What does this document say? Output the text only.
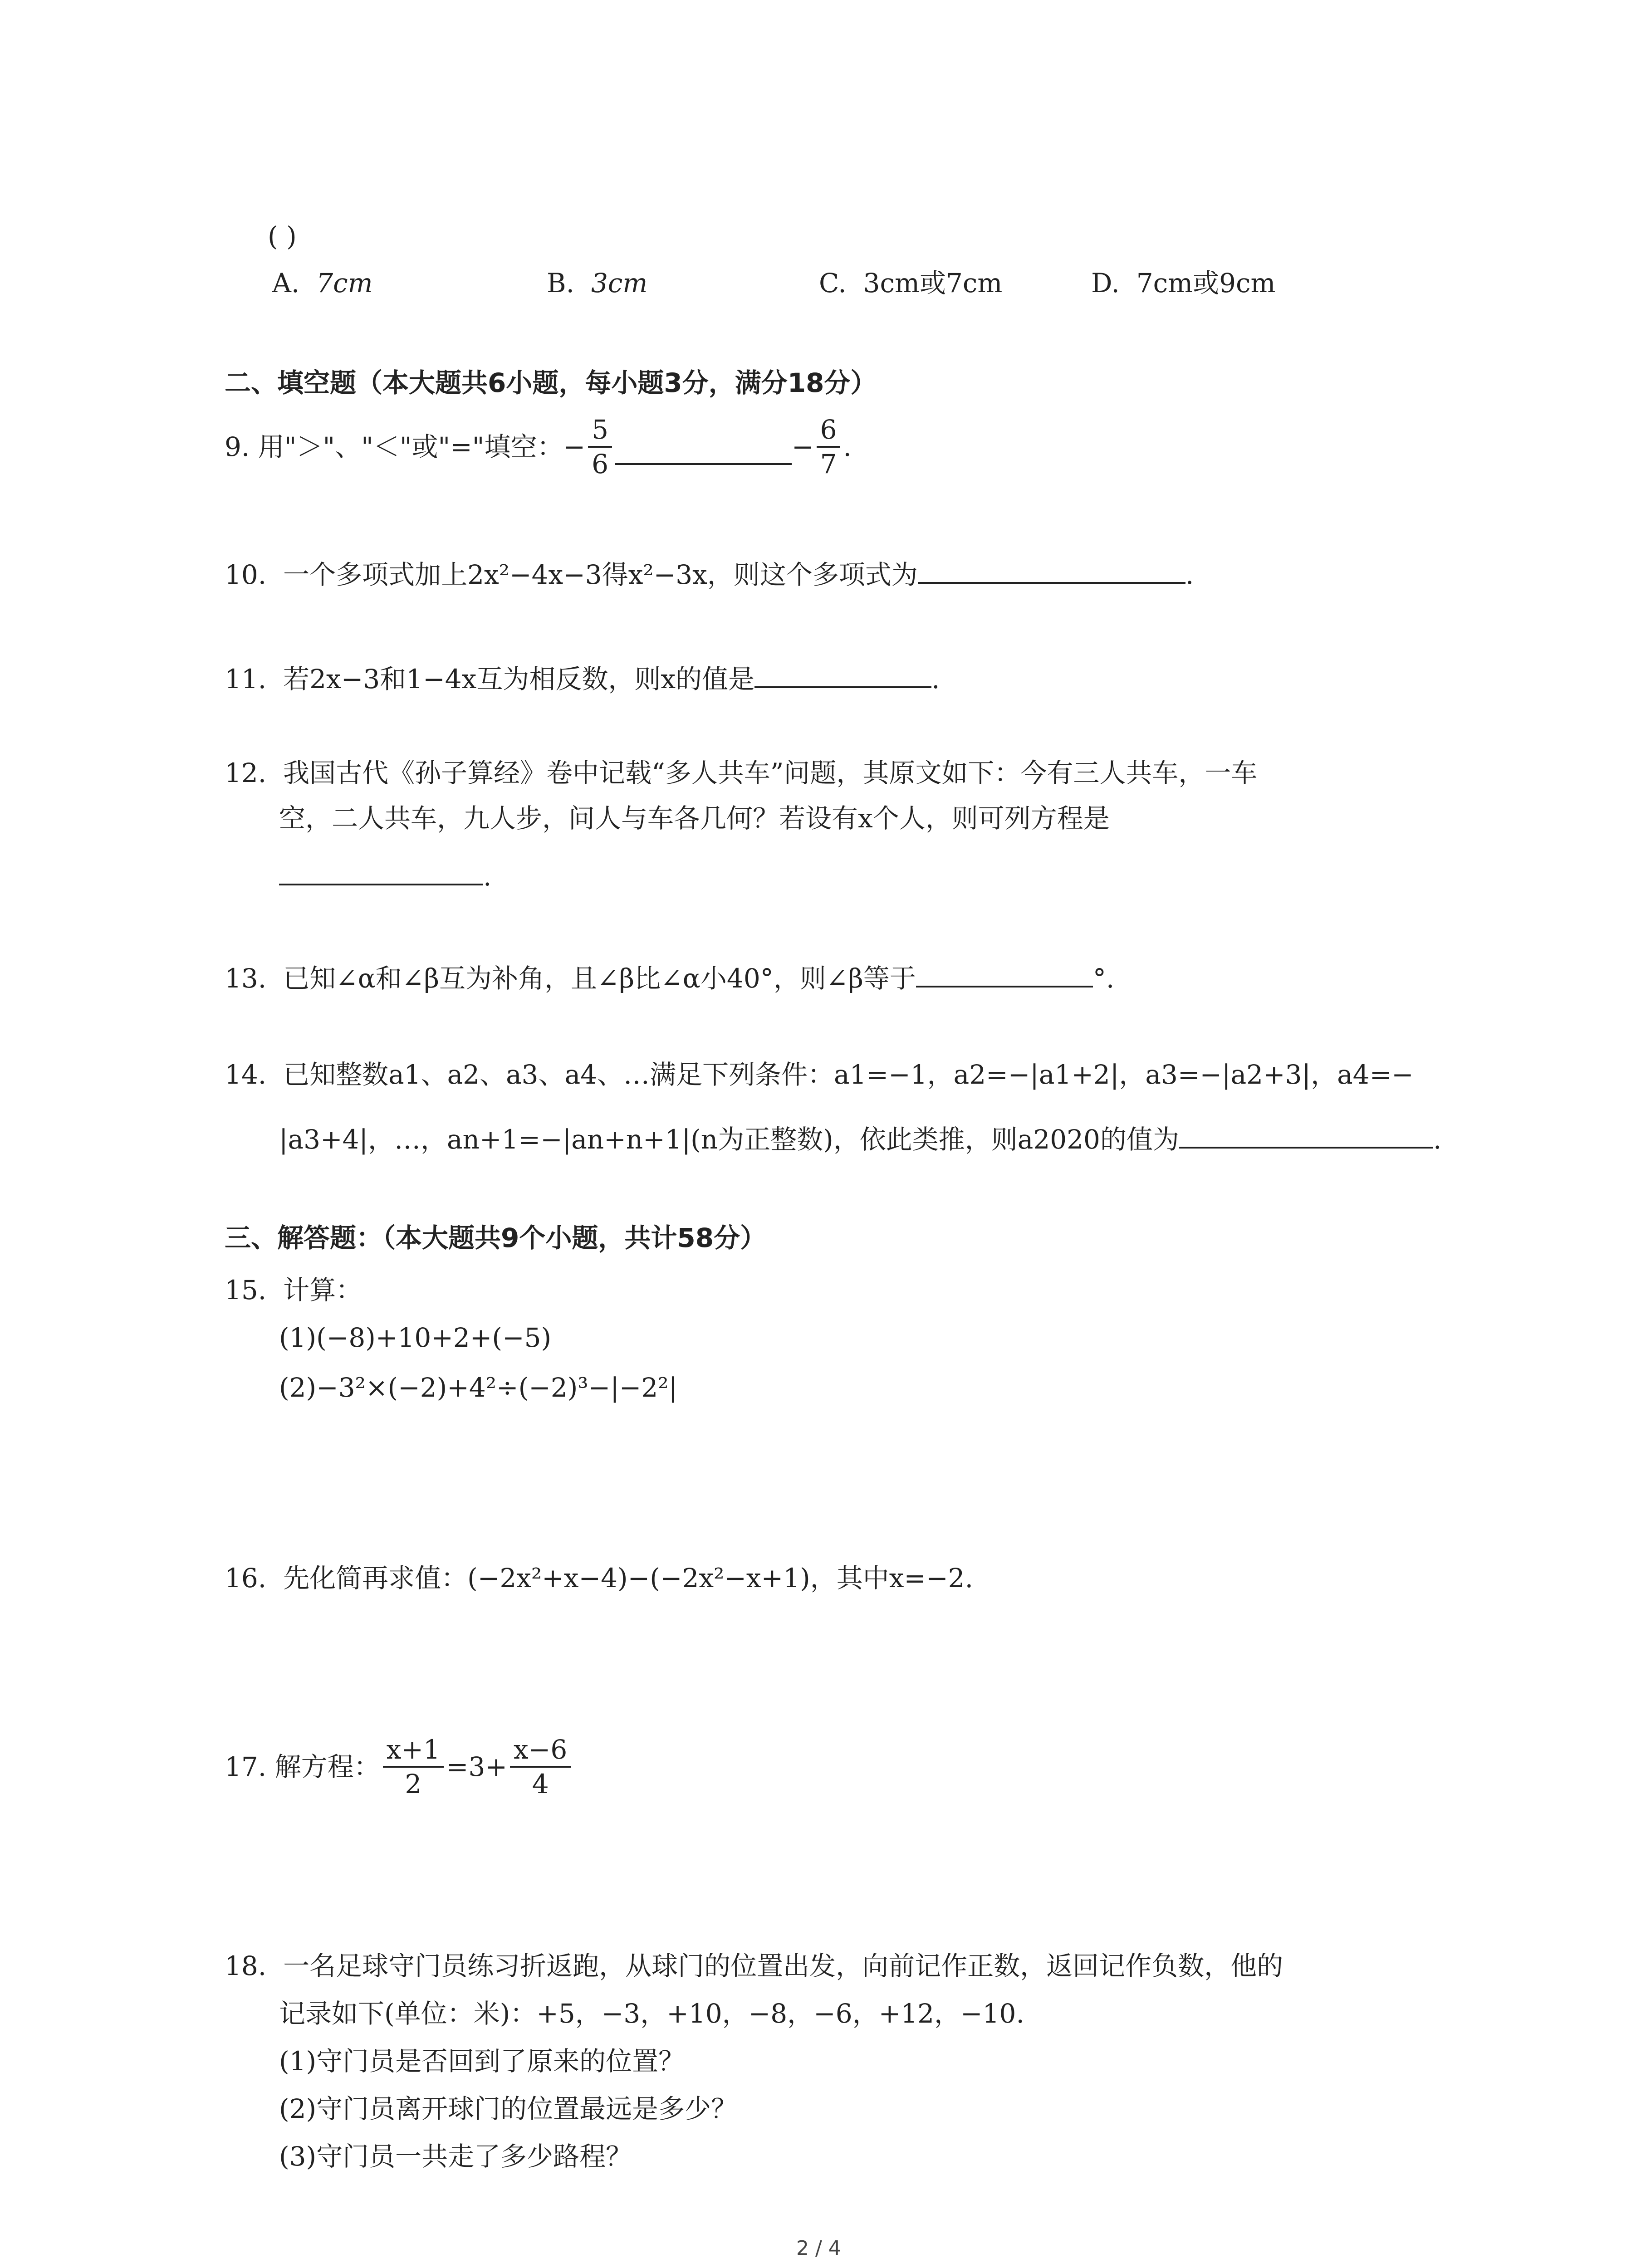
( )
A. 7cm	B. 3cm	C. 3cm或7cm	D. 7cm或9cm
二、填空题（本大题共6小题，每小题3分，满分18分）
9.
用"＞"、"＜"或"="填空： − $\frac{5}{6}$	− $\frac{6}{7}$ .
10. 一个多项式加上2x²−4x−3得x²−3x，则这个多项式为	.
11. 若2x−3和1−4x互为相反数，则x的值是	.
12. 我国古代《孙子算经》卷中记载“多人共车”问题，其原文如下：今有三人共车，一车
空，二人共车，九人步，问人与车各几何？若设有x个人，则可列方程是
.
13. 已知∠α和∠β互为补角，且∠β比∠α小40°，则∠β等于	°.
14. 已知整数a1、a2、a3、a4、…满足下列条件：a1=−1，a2=−|a1+2|，a3=−|a2+3|，a4=−
|a3+4|，…，an+1=−|an+n+1|(n为正整数)，依此类推，则a2020的值为	.
三、解答题：（本大题共9个小题，共计58分）
15. 计算：
(1)(−8)+10+2+(−5)
(2)−3²×(−2)+4²÷(−2)³−|−2²|
16. 先化简再求值：(−2x²+x−4)−(−2x²−x+1)，其中x=−2.
17.
解方程： $\frac{x+1}{2} =3+ \frac{x-6}{4}$
18. 一名足球守门员练习折返跑，从球门的位置出发，向前记作正数，返回记作负数，他的
记录如下(单位：米)：+5，−3，+10，−8，−6，+12，−10.
(1)守门员是否回到了原来的位置？
(2)守门员离开球门的位置最远是多少？
(3)守门员一共走了多少路程？
2 / 4
